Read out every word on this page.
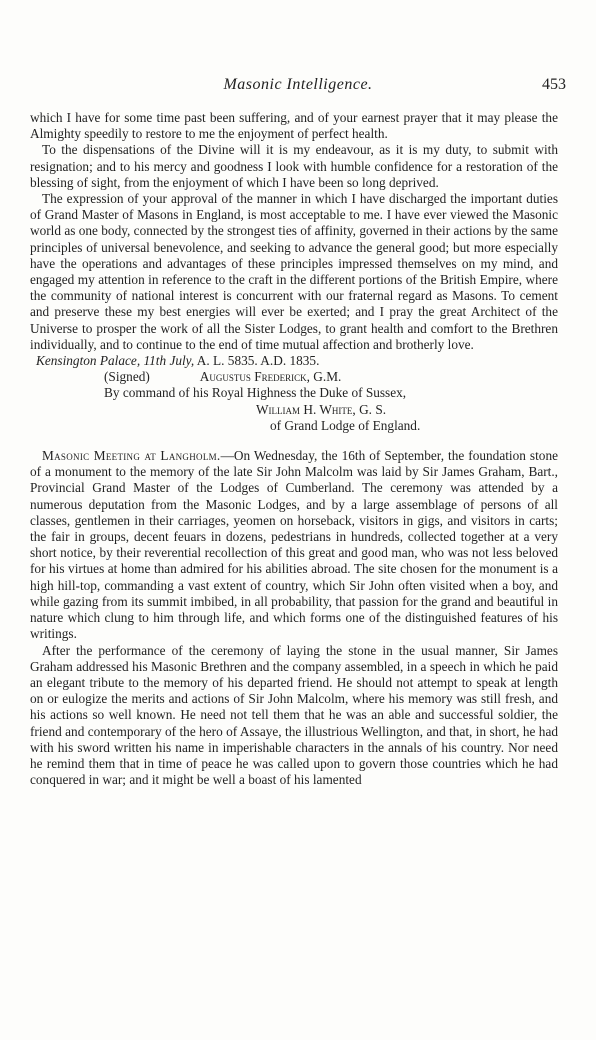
Masonic Intelligence.	453

which I have for some time past been suffering, and of your earnest prayer that it may please the Almighty speedily to restore to me the enjoyment of perfect health.

To the dispensations of the Divine will it is my endeavour, as it is my duty, to submit with resignation; and to his mercy and goodness I look with humble confidence for a restoration of the blessing of sight, from the enjoyment of which I have been so long deprived.

The expression of your approval of the manner in which I have discharged the important duties of Grand Master of Masons in England, is most acceptable to me. I have ever viewed the Masonic world as one body, connected by the strongest ties of affinity, governed in their actions by the same principles of universal benevolence, and seeking to advance the general good; but more especially have the operations and advantages of these principles impressed themselves on my mind, and engaged my attention in reference to the craft in the different portions of the British Empire, where the community of national interest is concurrent with our fraternal regard as Masons. To cement and preserve these my best energies will ever be exerted; and I pray the great Architect of the Universe to prosper the work of all the Sister Lodges, to grant health and comfort to the Brethren individually, and to continue to the end of time mutual affection and brotherly love.

Kensington Palace, 11th July, A. L. 5835. A.D. 1835.
(Signed)	Augustus Frederick, G.M.
By command of his Royal Highness the Duke of Sussex,
William H. White, G. S.
of Grand Lodge of England.

Masonic Meeting at Langholm.—On Wednesday, the 16th of September, the foundation stone of a monument to the memory of the late Sir John Malcolm was laid by Sir James Graham, Bart., Provincial Grand Master of the Lodges of Cumberland. The ceremony was attended by a numerous deputation from the Masonic Lodges, and by a large assemblage of persons of all classes, gentlemen in their carriages, yeomen on horseback, visitors in gigs, and visitors in carts; the fair in groups, decent feuars in dozens, pedestrians in hundreds, collected together at a very short notice, by their reverential recollection of this great and good man, who was not less beloved for his virtues at home than admired for his abilities abroad. The site chosen for the monument is a high hill-top, commanding a vast extent of country, which Sir John often visited when a boy, and while gazing from its summit imbibed, in all probability, that passion for the grand and beautiful in nature which clung to him through life, and which forms one of the distinguished features of his writings.

After the performance of the ceremony of laying the stone in the usual manner, Sir James Graham addressed his Masonic Brethren and the company assembled, in a speech in which he paid an elegant tribute to the memory of his departed friend. He should not attempt to speak at length on or eulogize the merits and actions of Sir John Malcolm, where his memory was still fresh, and his actions so well known. He need not tell them that he was an able and successful soldier, the friend and contemporary of the hero of Assaye, the illustrious Wellington, and that, in short, he had with his sword written his name in imperishable characters in the annals of his country. Nor need he remind them that in time of peace he was called upon to govern those countries which he had conquered in war; and it might be well a boast of his lamented
